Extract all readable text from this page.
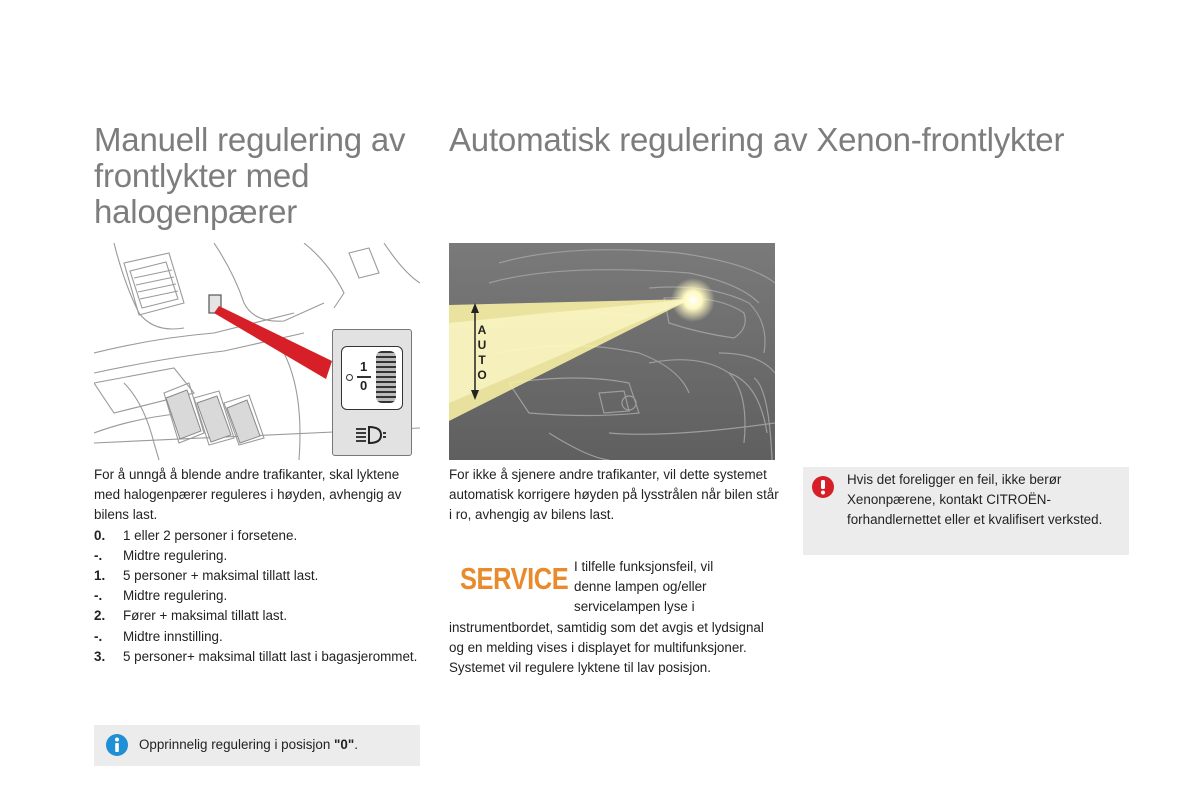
Manuell regulering av frontlykter med halogenpærer
Automatisk regulering av Xenon-frontlykter
1
0
A
U
T
O
For å unngå å blende andre trafikanter, skal lyktene med halogenpærer reguleres i høyden, avhengig av bilens last.
0.	1 eller 2 personer i forsetene.
-.	Midtre regulering.
1.	5 personer + maksimal tillatt last.
-.	Midtre regulering.
2.	Fører + maksimal tillatt last.
-.	Midtre innstilling.
3.	5 personer+ maksimal tillatt last i bagasjerommet.
For ikke å sjenere andre trafikanter, vil dette systemet automatisk korrigere høyden på lysstrålen når bilen står i ro, avhengig av bilens last.
SERVICE I tilfelle funksjonsfeil, vil
denne lampen og/eller
servicelampen lyse i
instrumentbordet, samtidig som det avgis et lydsignal og en melding vises i displayet for multifunksjoner.
Systemet vil regulere lyktene til lav posisjon.
Opprinnelig regulering i posisjon "0".
Hvis det foreligger en feil, ikke berør Xenonpærene, kontakt CITROËN-forhandlernettet eller et kvalifisert verksted.
